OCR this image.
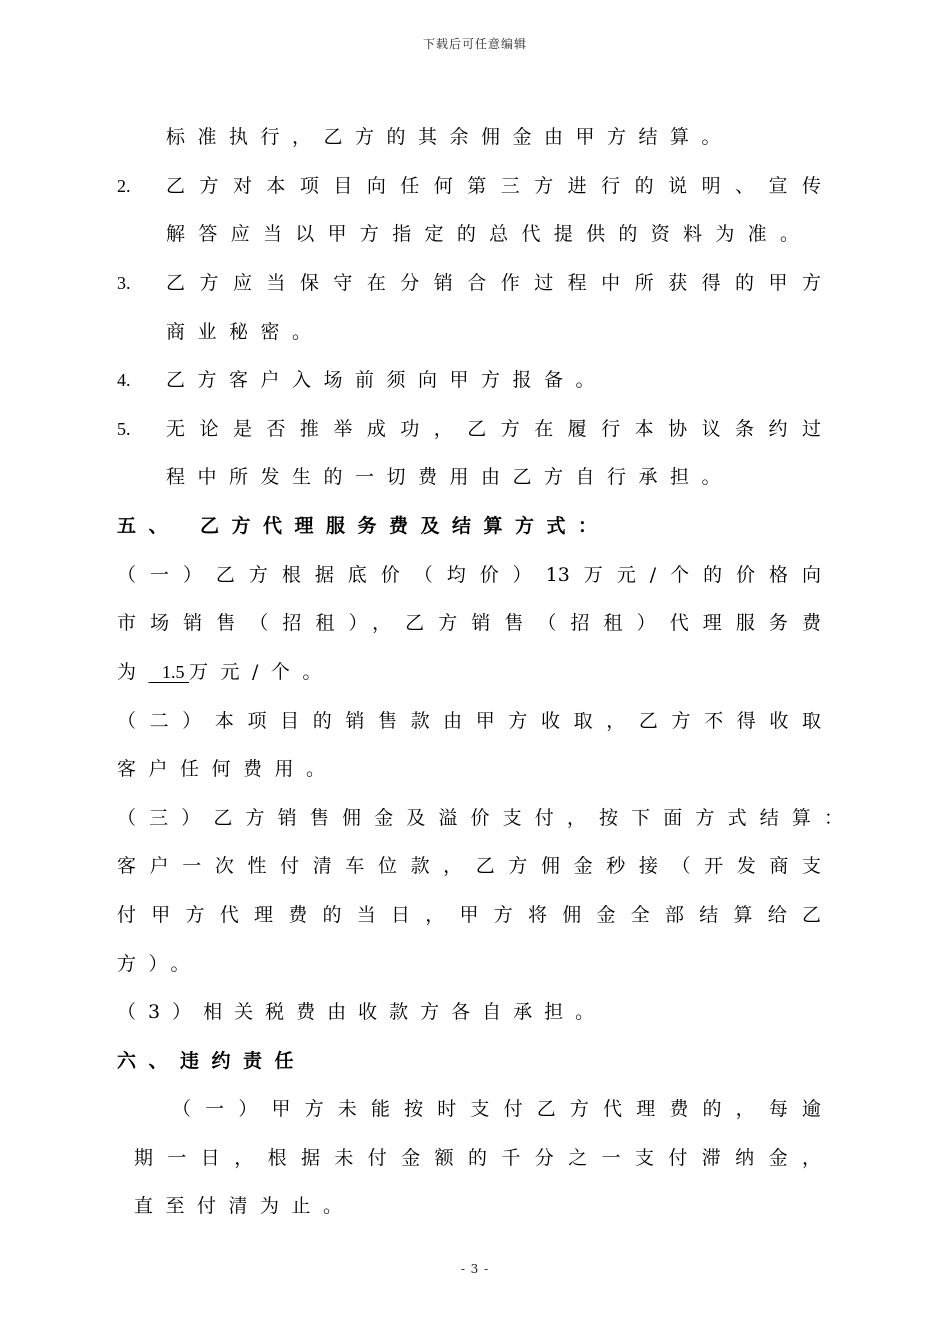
下载后可任意编辑
标准执行，乙方的其余佣金由甲方结算。
2. 乙方对本项目向任何第三方进行的说明、宣传
解答应当以甲方指定的总代提供的资料为准。
3. 乙方应当保守在分销合作过程中所获得的甲方
商业秘密。
4. 乙方客户入场前须向甲方报备。
5. 无论是否推举成功，乙方在履行本协议条约过
程中所发生的一切费用由乙方自行承担。
五、 乙方代理服务费及结算方式：
（一）乙方根据底价（均价）13万元/个的价格向
市场销售（招租），乙方销售（招租）代理服务费
为   1.5 万元/个。
（二）本项目的销售款由甲方收取，乙方不得收取
客户任何费用。
（三）乙方销售佣金及溢价支付，按下面方式结算：
客户一次性付清车位款，乙方佣金秒接（开发商支
付甲方代理费的当日，甲方将佣金全部结算给乙
方）。
（3）相关税费由收款方各自承担。
六、违约责任
（一）甲方未能按时支付乙方代理费的，每逾
期一日，根据未付金额的千分之一支付滞纳金，
直至付清为止。
- 3 -
